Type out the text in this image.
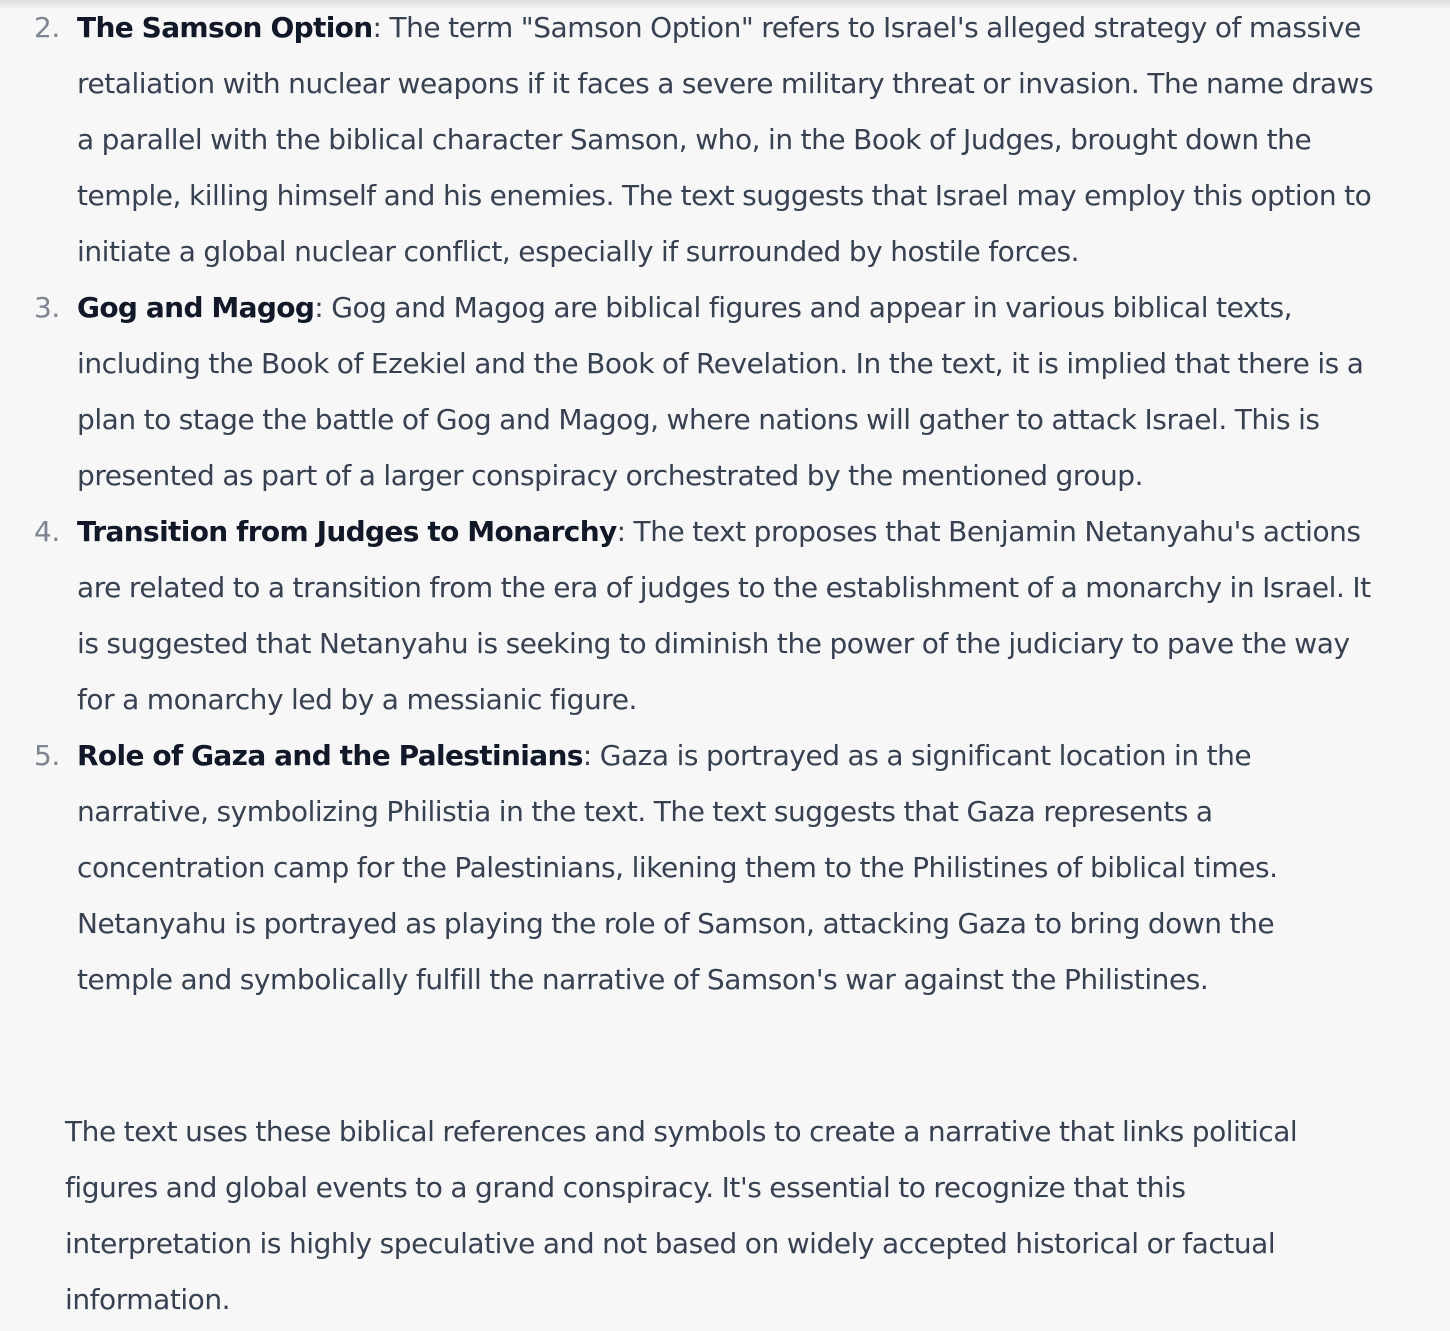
2. The Samson Option: The term "Samson Option" refers to Israel's alleged strategy of massive retaliation with nuclear weapons if it faces a severe military threat or invasion. The name draws a parallel with the biblical character Samson, who, in the Book of Judges, brought down the temple, killing himself and his enemies. The text suggests that Israel may employ this option to initiate a global nuclear conflict, especially if surrounded by hostile forces.
3. Gog and Magog: Gog and Magog are biblical figures and appear in various biblical texts, including the Book of Ezekiel and the Book of Revelation. In the text, it is implied that there is a plan to stage the battle of Gog and Magog, where nations will gather to attack Israel. This is presented as part of a larger conspiracy orchestrated by the mentioned group.
4. Transition from Judges to Monarchy: The text proposes that Benjamin Netanyahu's actions are related to a transition from the era of judges to the establishment of a monarchy in Israel. It is suggested that Netanyahu is seeking to diminish the power of the judiciary to pave the way for a monarchy led by a messianic figure.
5. Role of Gaza and the Palestinians: Gaza is portrayed as a significant location in the narrative, symbolizing Philistia in the text. The text suggests that Gaza represents a concentration camp for the Palestinians, likening them to the Philistines of biblical times. Netanyahu is portrayed as playing the role of Samson, attacking Gaza to bring down the temple and symbolically fulfill the narrative of Samson's war against the Philistines.

The text uses these biblical references and symbols to create a narrative that links political figures and global events to a grand conspiracy. It's essential to recognize that this interpretation is highly speculative and not based on widely accepted historical or factual information.
